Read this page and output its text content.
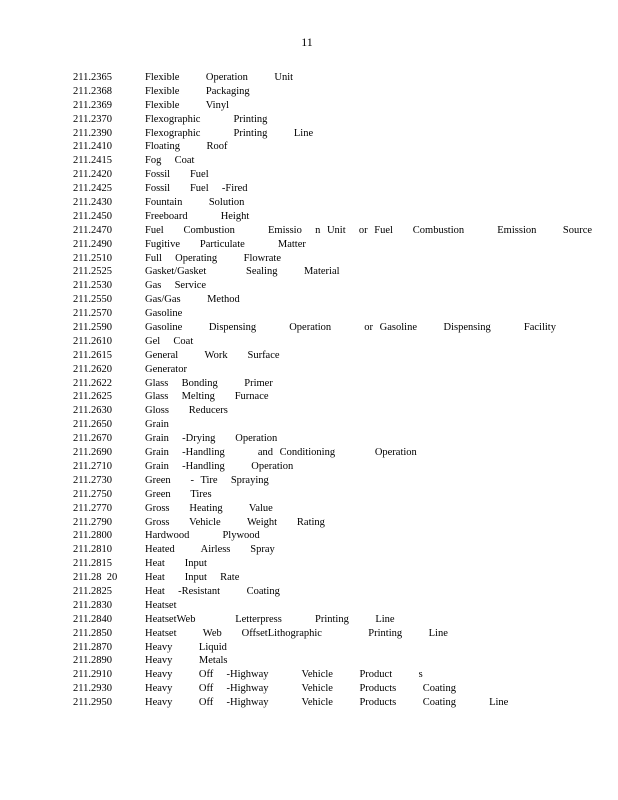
11
211.2365	Flexible    Operation    Unit
211.2368	Flexible    Packaging
211.2369	Flexible    Vinyl
211.2370	Flexographic     Printing
211.2390	Flexographic     Printing    Line
211.2410	Floating    Roof
211.2415	Fog  Coat
211.2420	Fossil   Fuel
211.2425	Fossil   Fuel  -Fired
211.2430	Fountain    Solution
211.2450	Freeboard     Height
211.2470	Fuel   Combustion     Emissio  n Unit  or Fuel   Combustion     Emission    Source
211.2490	Fugitive   Particulate     Matter
211.2510	Full  Operating    Flowrate
211.2525	Gasket/Gasket      Sealing    Material
211.2530	Gas  Service
211.2550	Gas/Gas    Method
211.2570	Gasoline
211.2590	Gasoline    Dispensing     Operation     or Gasoline    Dispensing     Facility
211.2610	Gel  Coat
211.2615	General    Work   Surface
211.2620	Generator
211.2622	Glass  Bonding    Primer
211.2625	Glass  Melting   Furnace
211.2630	Gloss   Reducers
211.2650	Grain
211.2670	Grain  -Drying   Operation
211.2690	Grain  -Handling     and Conditioning      Operation
211.2710	Grain  -Handling    Operation
211.2730	Green   - Tire  Spraying
211.2750	Green   Tires
211.2770	Gross   Heating    Value
211.2790	Gross   Vehicle    Weight   Rating
211.2800	Hardwood     Plywood
211.2810	Heated    Airless   Spray
211.2815	Heat   Input
211.28  20	Heat   Input  Rate
211.2825	Heat  -Resistant    Coating
211.2830	Heatset
211.2840	HeatsetWeb      Letterpress     Printing    Line
211.2850	Heatset    Web   OffsetLithographic       Printing    Line
211.2870	Heavy    Liquid
211.2890	Heavy    Metals
211.2910	Heavy    Off  -Highway     Vehicle    Product    s
211.2930	Heavy    Off  -Highway     Vehicle    Products    Coating
211.2950	Heavy    Off  -Highway     Vehicle    Products    Coating     Line
